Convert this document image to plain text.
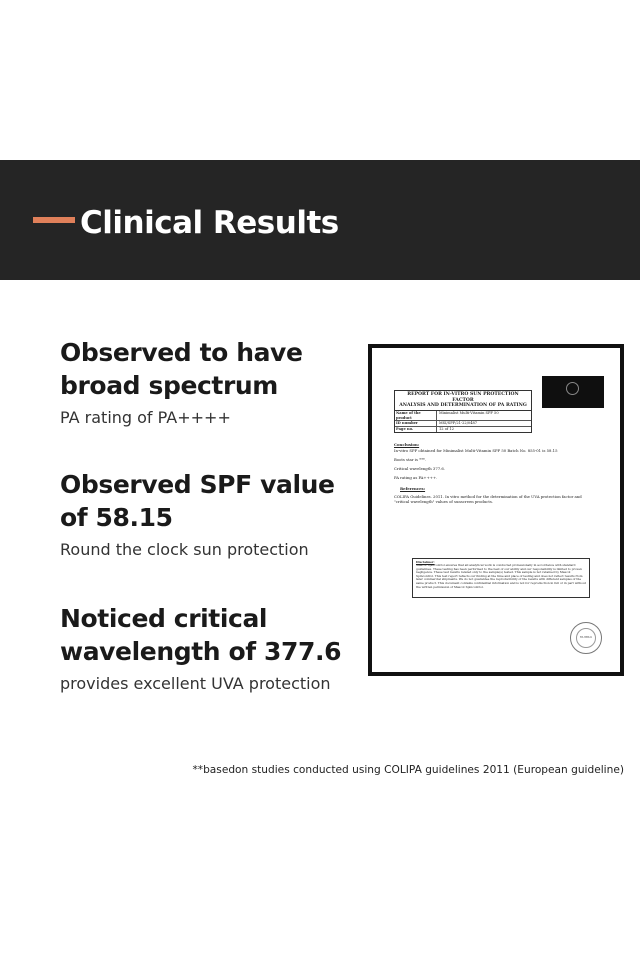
Clinical Results
Observed to have
broad spectrum

PA rating of PA++++

Observed SPF value
of 58.15

Round the clock sun protection

Noticed critical
wavelength of 377.6

provides excellent UVA protection

REPORT FOR IN-VITRO SUN PROTECTION FACTOR
ANALYSIS AND DETERMINATION OF PA RATING
Name of the product
Minimalist Multi-Vitamin SPF 50
ID number	MSI/SPF/21-22/0487
Page no.	12 of 12
Conclusion:
In-vitro SPF obtained for Minimalist Multi-Vitamin SPF 50 Batch No. 855-01 is 58.15
Boots star is ***.
Critical wavelength 377.6.
PA rating as PA++++.
References:
COLIPA Guidelines. 2011. In vitro method for the determination of the UVA protection factor and "critical wavelength" values of sunscreen products.
Disclaimer:
Mascot Spincontrol ensures that all analytical work is conducted professionally in accordance with standard guidelines. These testing has been performed to the best of our ability and our responsibility is limited to proven negligence. These test results related only to the sample(s) tested. This sample is not retained by Mascot Spincontrol. This test report reflects our finding at the time and place of testing and does not reflect results from later commercial shipments. We do not guarantee the reproducibility of the results with different samples of the same product. This document contains confidential information and is not for reproduction in full or in part without the written permission of Mascot Spincontrol.
MUMBAI
**basedon studies conducted using COLIPA guidelines 2011 (European guideline)
